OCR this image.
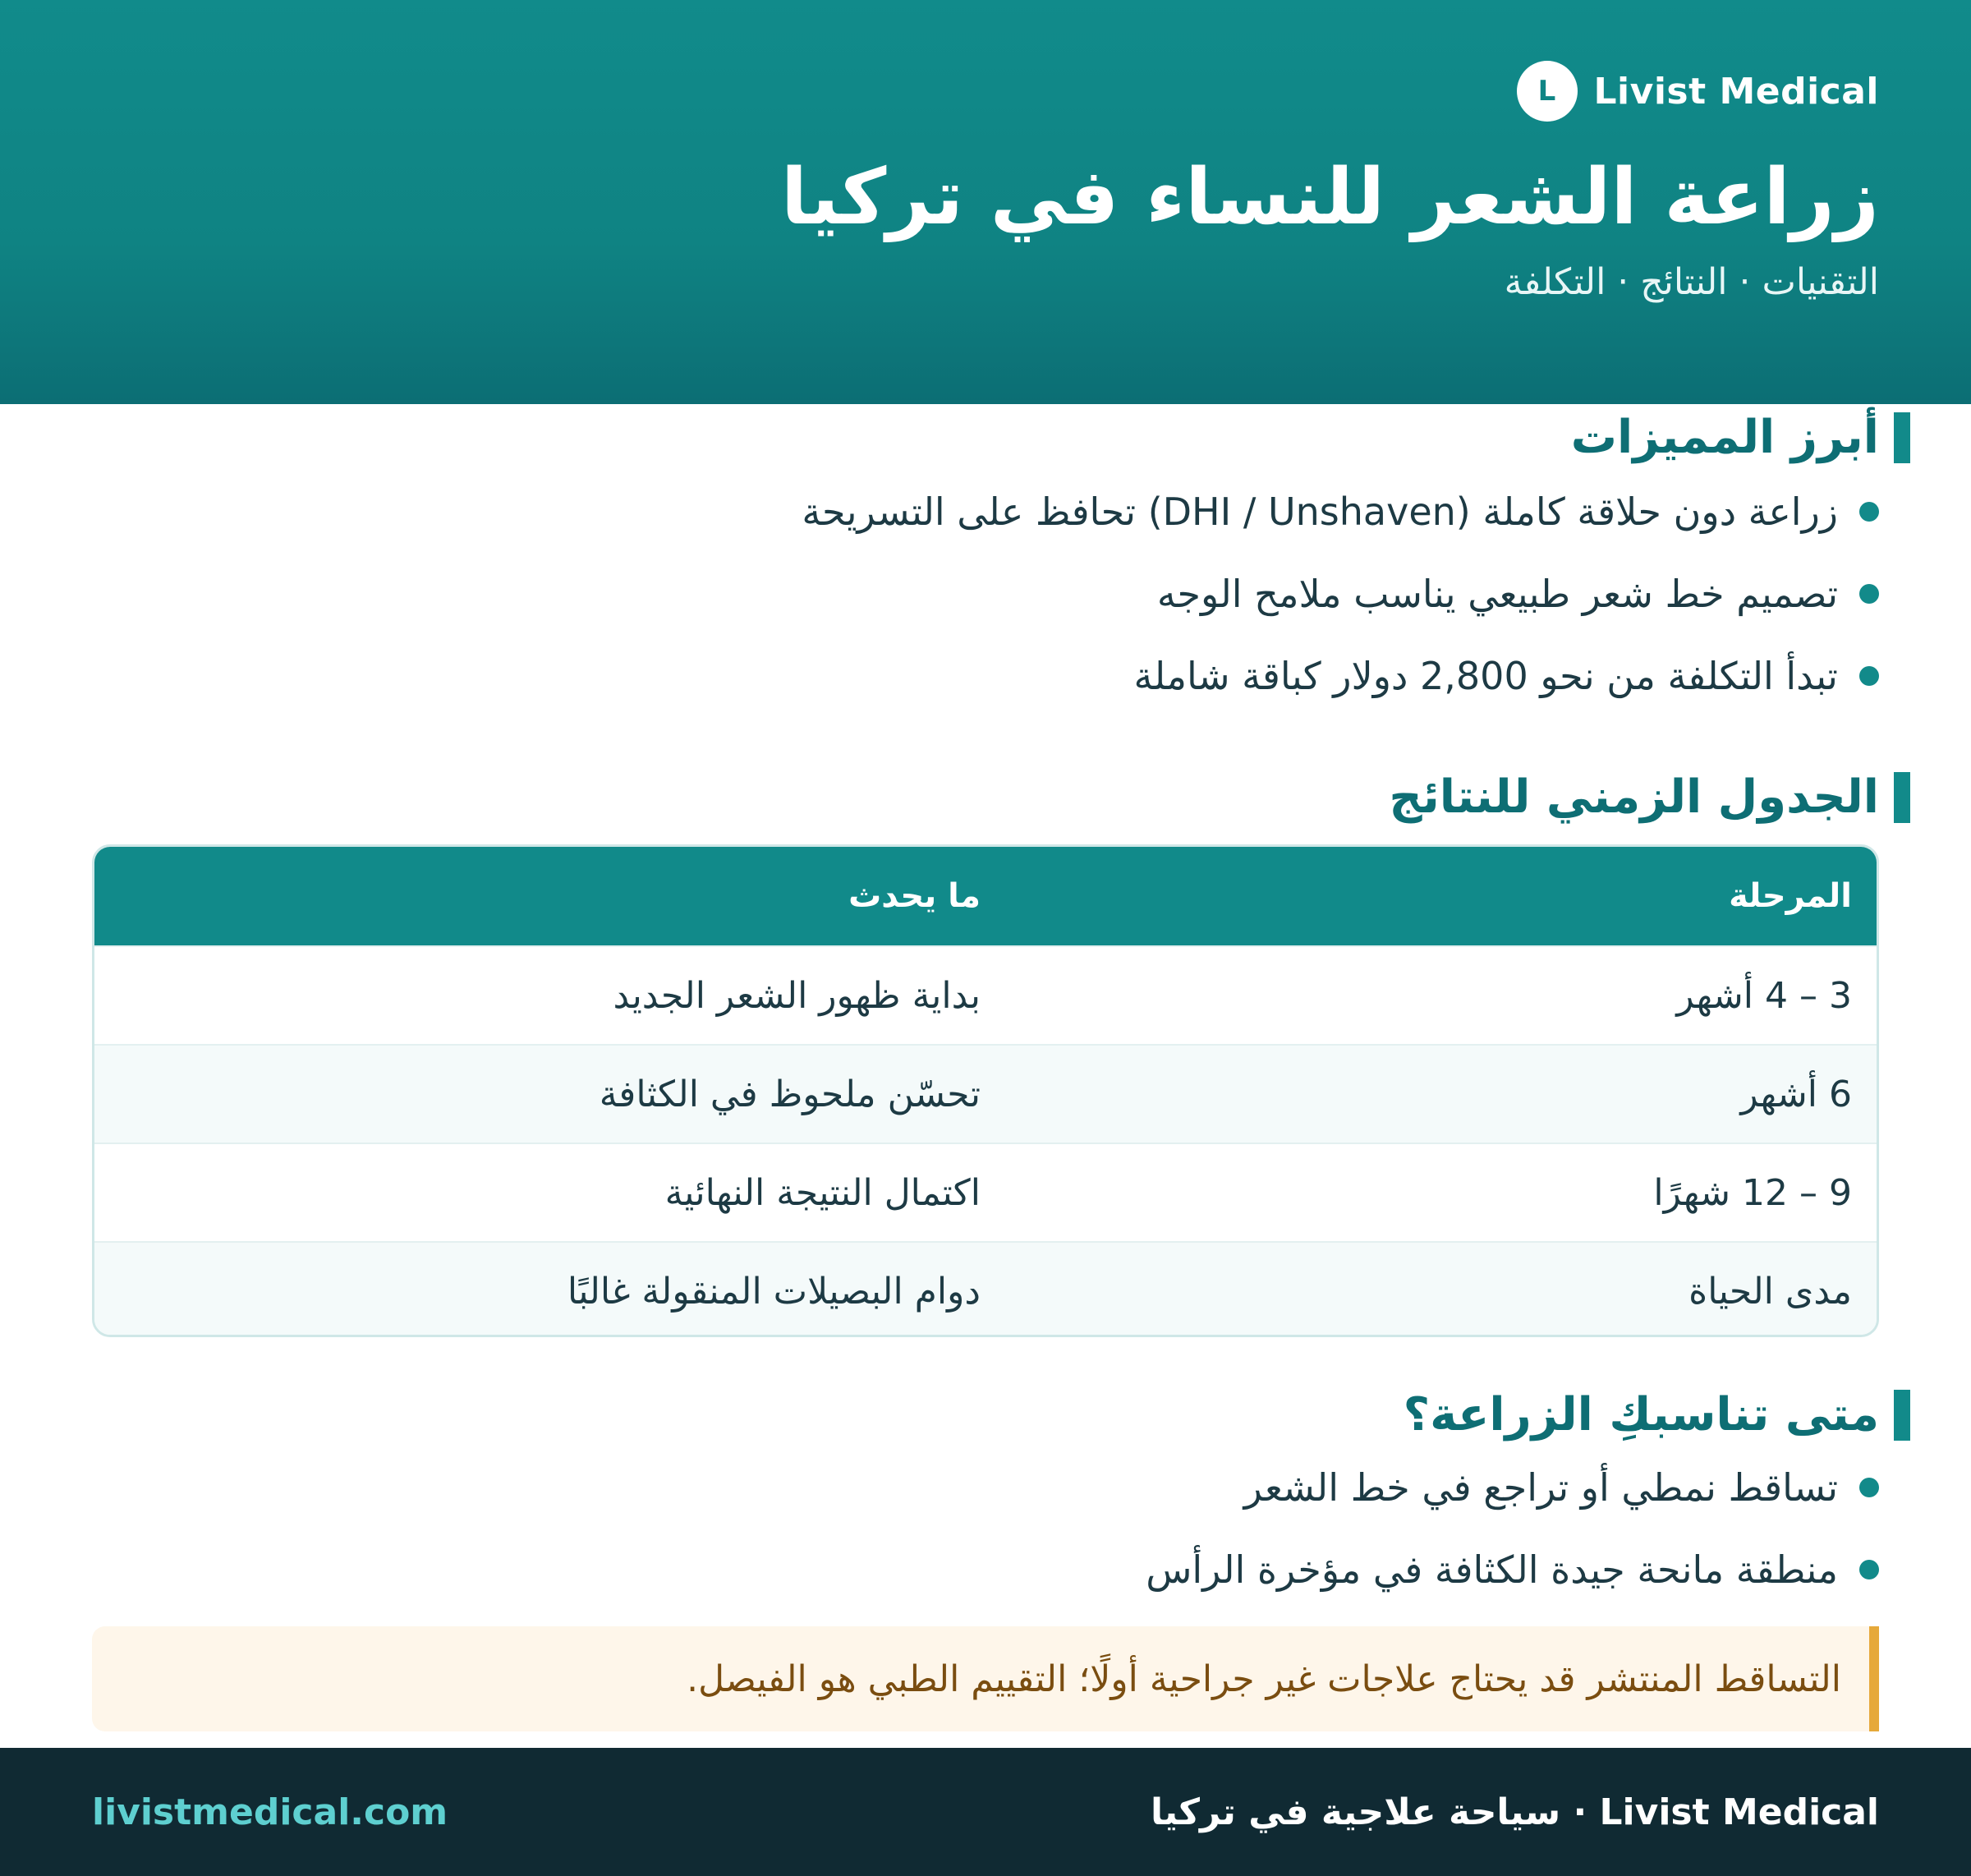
L	Livist Medical
زراعة الشعر للنساء في تركيا
التقنيات · النتائج · التكلفة
أبرز المميزات
زراعة دون حلاقة كاملة (DHI / Unshaven) تحافظ على التسريحة
تصميم خط شعر طبيعي يناسب ملامح الوجه
تبدأ التكلفة من نحو 2,800 دولار كباقة شاملة
الجدول الزمني للنتائج
المرحلة
ما يحدث
3 – 4 أشهر
بداية ظهور الشعر الجديد
6 أشهر
تحسّن ملحوظ في الكثافة
9 – 12 شهرًا
اكتمال النتيجة النهائية
مدى الحياة
دوام البصيلات المنقولة غالبًا
متى تناسبكِ الزراعة؟
تساقط نمطي أو تراجع في خط الشعر
منطقة مانحة جيدة الكثافة في مؤخرة الرأس
التساقط المنتشر قد يحتاج علاجات غير جراحية أولًا؛ التقييم الطبي هو الفيصل.
Livist Medical · سياحة علاجية في تركيا
livistmedical.com
